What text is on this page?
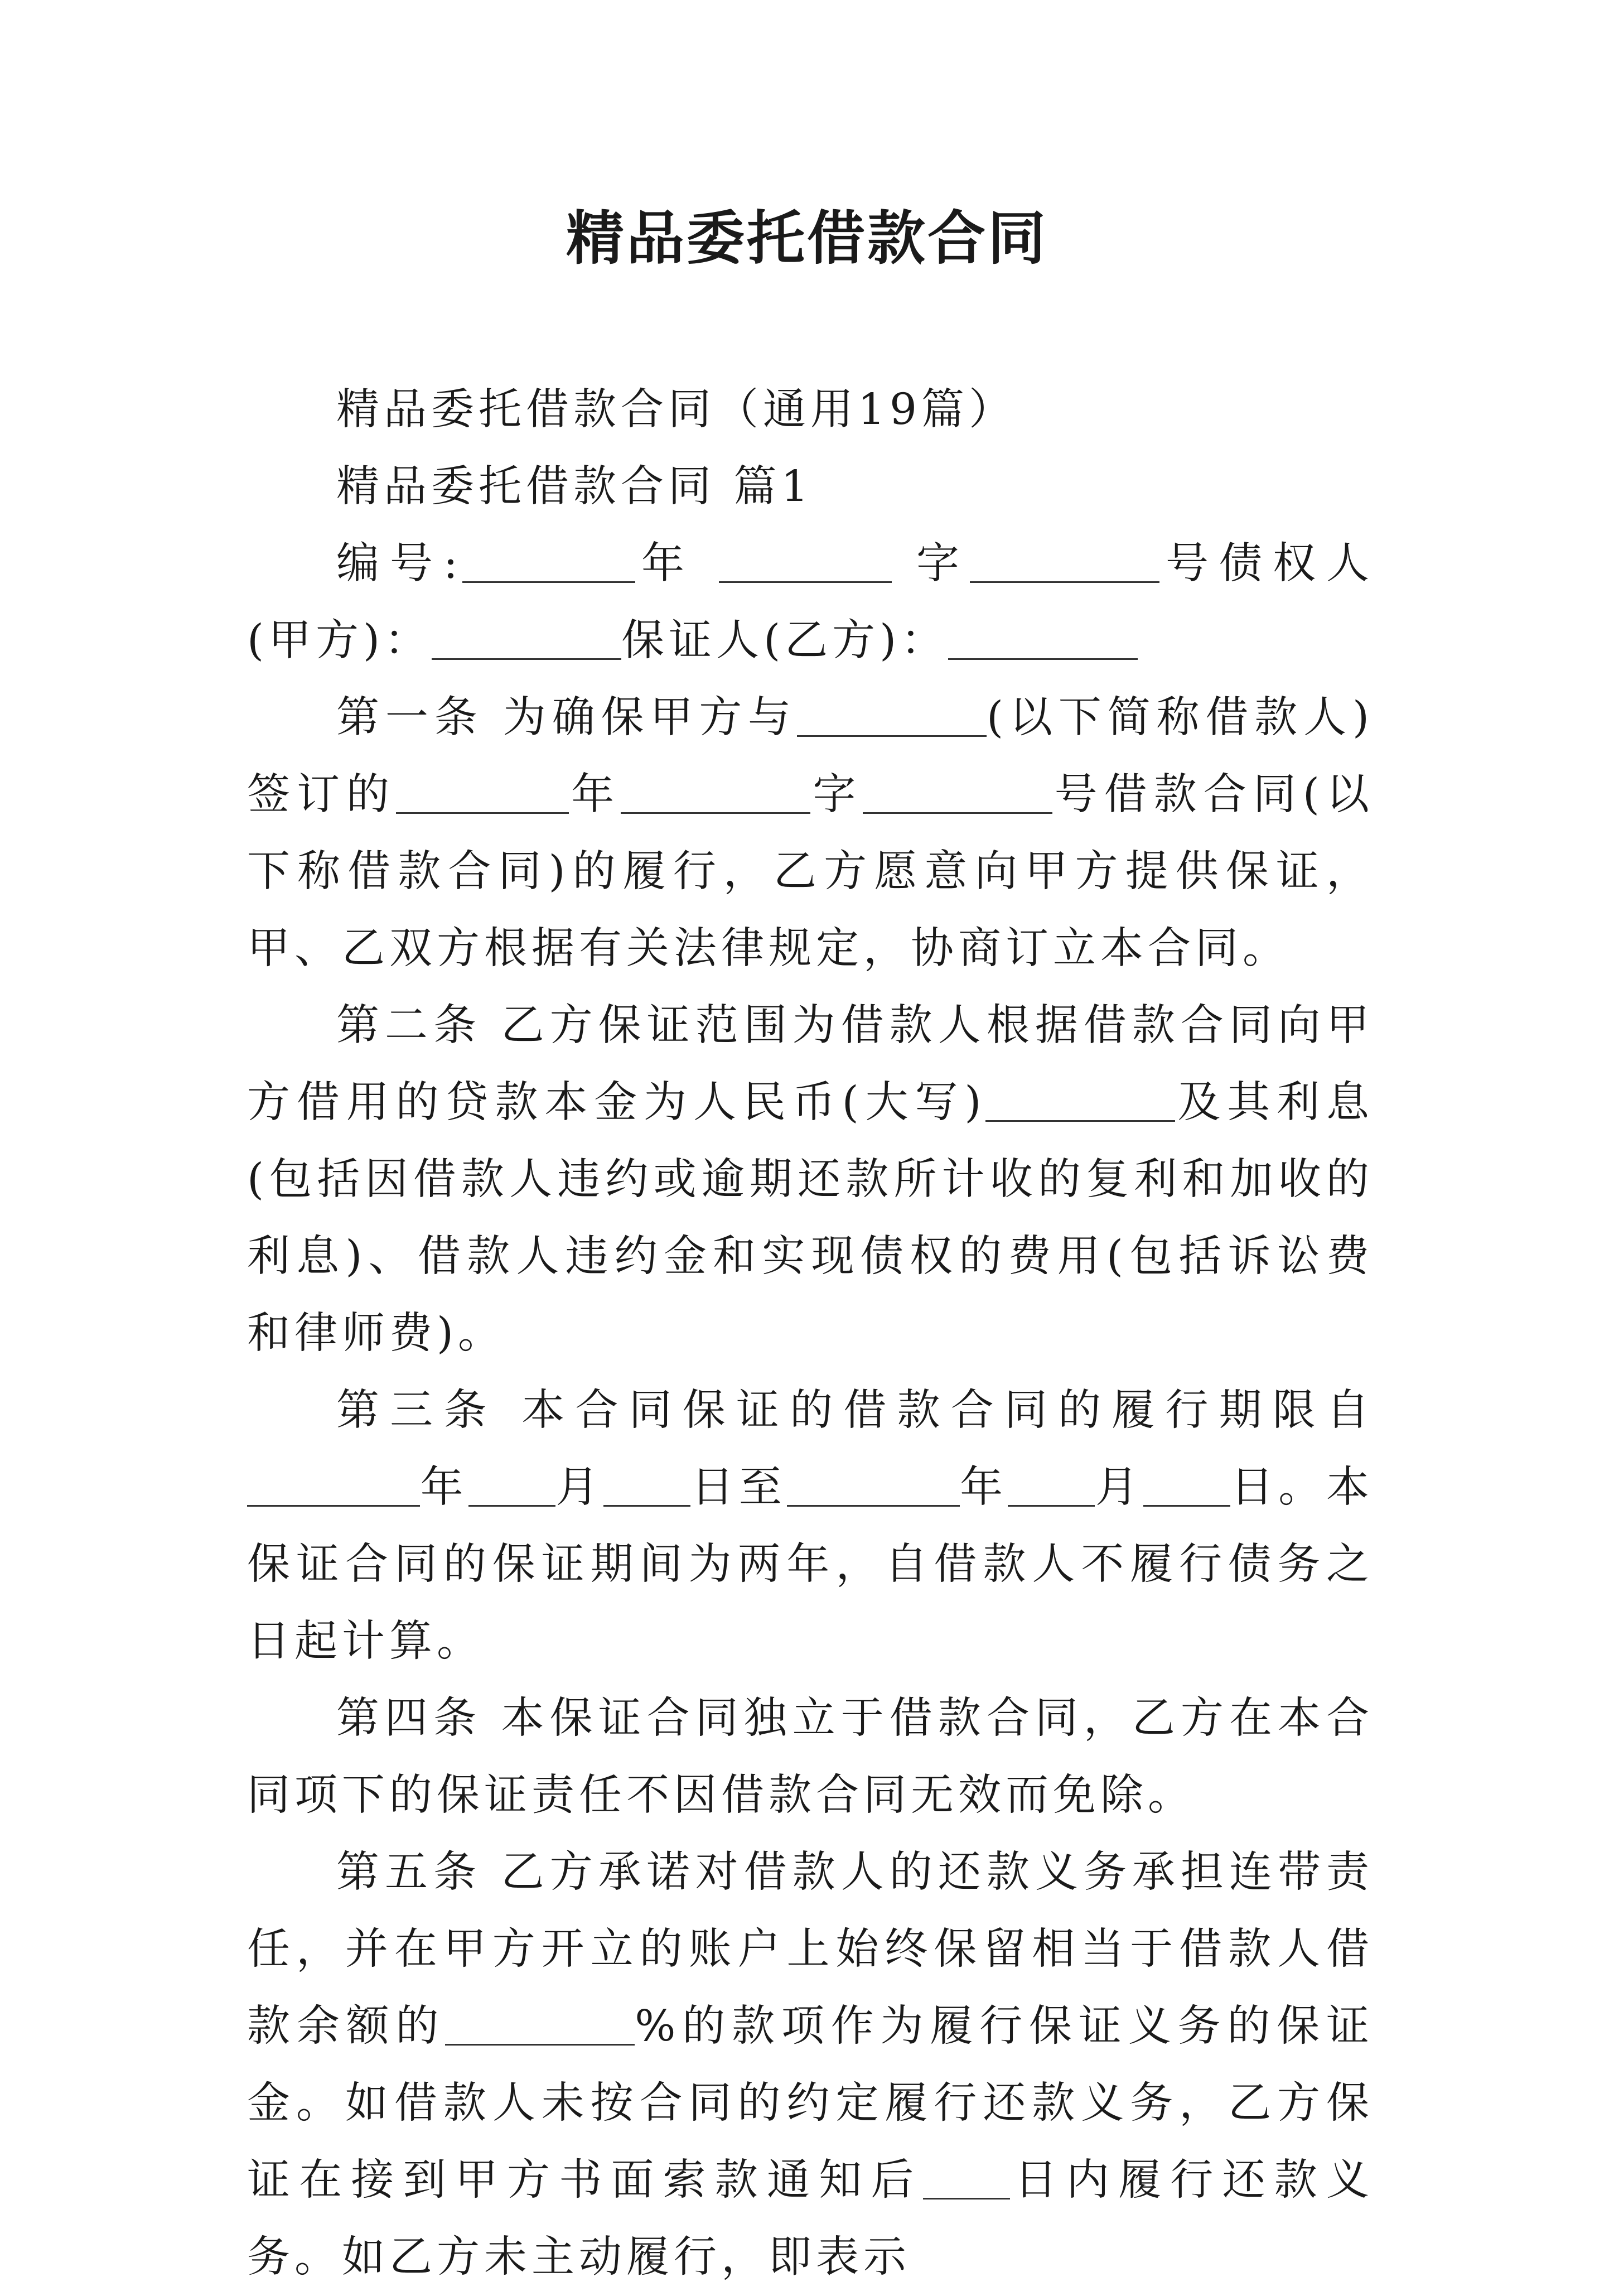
精品委托借款合同

精品委托借款合同（通用19篇）

精品委托借款合同 篇1

编号:	年	字	号债权人(甲方)：	保证人(乙方)：

第一条 为确保甲方与	(以下简称借款人)签订的	年	字	号借款合同(以下称借款合同)的履行，乙方愿意向甲方提供保证，甲、乙双方根据有关法律规定，协商订立本合同。

第二条 乙方保证范围为借款人根据借款合同向甲方借用的贷款本金为人民币(大写)	及其利息(包括因借款人违约或逾期还款所计收的复利和加收的利息)、借款人违约金和实现债权的费用(包括诉讼费和律师费)。

第三条 本合同保证的借款合同的履行期限自年 月 日至	年 月 日。本保证合同的保证期间为两年，自借款人不履行债务之日起计算。

第四条 本保证合同独立于借款合同，乙方在本合同项下的保证责任不因借款合同无效而免除。

第五条 乙方承诺对借款人的还款义务承担连带责任，并在甲方开立的账户上始终保留相当于借款人借款余额的	%的款项作为履行保证义务的保证金。如借款人未按合同的约定履行还款义务，乙方保证在接到甲方书面索款通知后 日内履行还款义务。如乙方未主动履行，即表示
